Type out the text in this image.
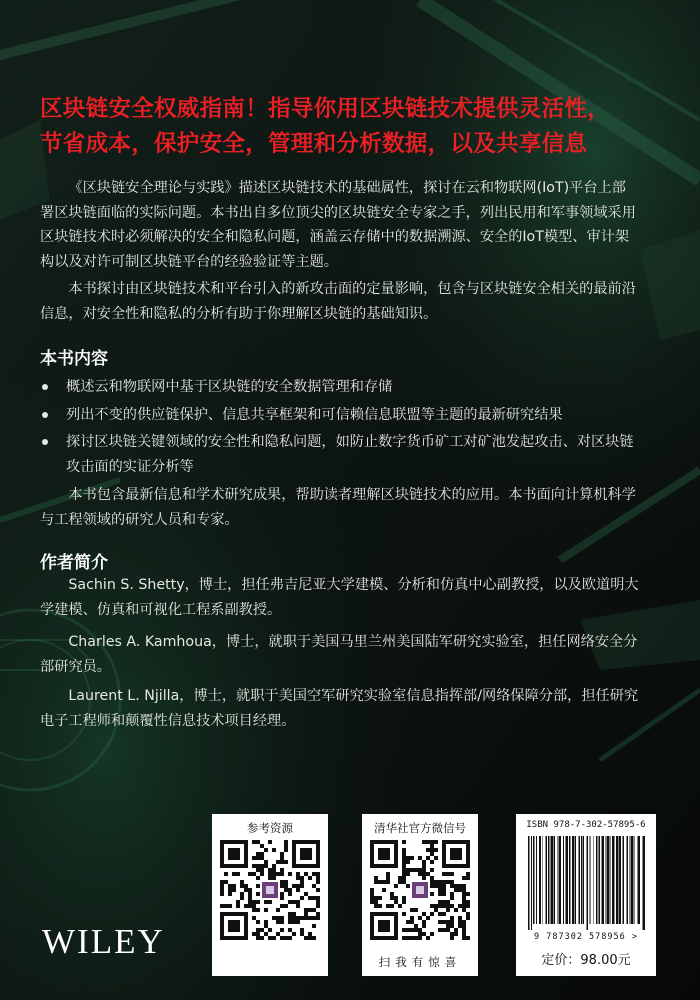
区块链安全权威指南！指导你用区块链技术提供灵活性，
节省成本，保护安全，管理和分析数据，以及共享信息

《区块链安全理论与实践》描述区块链技术的基础属性，探讨在云和物联网(IoT)平台上部署区块链面临的实际问题。本书出自多位顶尖的区块链安全专家之手，列出民用和军事领域采用区块链技术时必须解决的安全和隐私问题，涵盖云存储中的数据溯源、安全的IoT模型、审计架构以及对许可制区块链平台的经验验证等主题。

本书探讨由区块链技术和平台引入的新攻击面的定量影响，包含与区块链安全相关的最前沿信息，对安全性和隐私的分析有助于你理解区块链的基础知识。

本书内容
概述云和物联网中基于区块链的安全数据管理和存储
列出不变的供应链保护、信息共享框架和可信赖信息联盟等主题的最新研究结果
探讨区块链关键领域的安全性和隐私问题，如防止数字货币矿工对矿池发起攻击、对区块链攻击面的实证分析等

本书包含最新信息和学术研究成果，帮助读者理解区块链技术的应用。本书面向计算机科学与工程领域的研究人员和专家。

作者简介

Sachin S. Shetty，博士，担任弗吉尼亚大学建模、分析和仿真中心副教授，以及欧道明大学建模、仿真和可视化工程系副教授。

Charles A. Kamhoua，博士，就职于美国马里兰州美国陆军研究实验室，担任网络安全分部研究员。

Laurent L. Njilla，博士，就职于美国空军研究实验室信息指挥部/网络保障分部，担任研究电子工程师和颠覆性信息技术项目经理。

参考资源	清华社官方微信号
扫我有惊喜
ISBN 978-7-302-57895-6
9 787302 578956 >
定价：98.00元
WILEY
